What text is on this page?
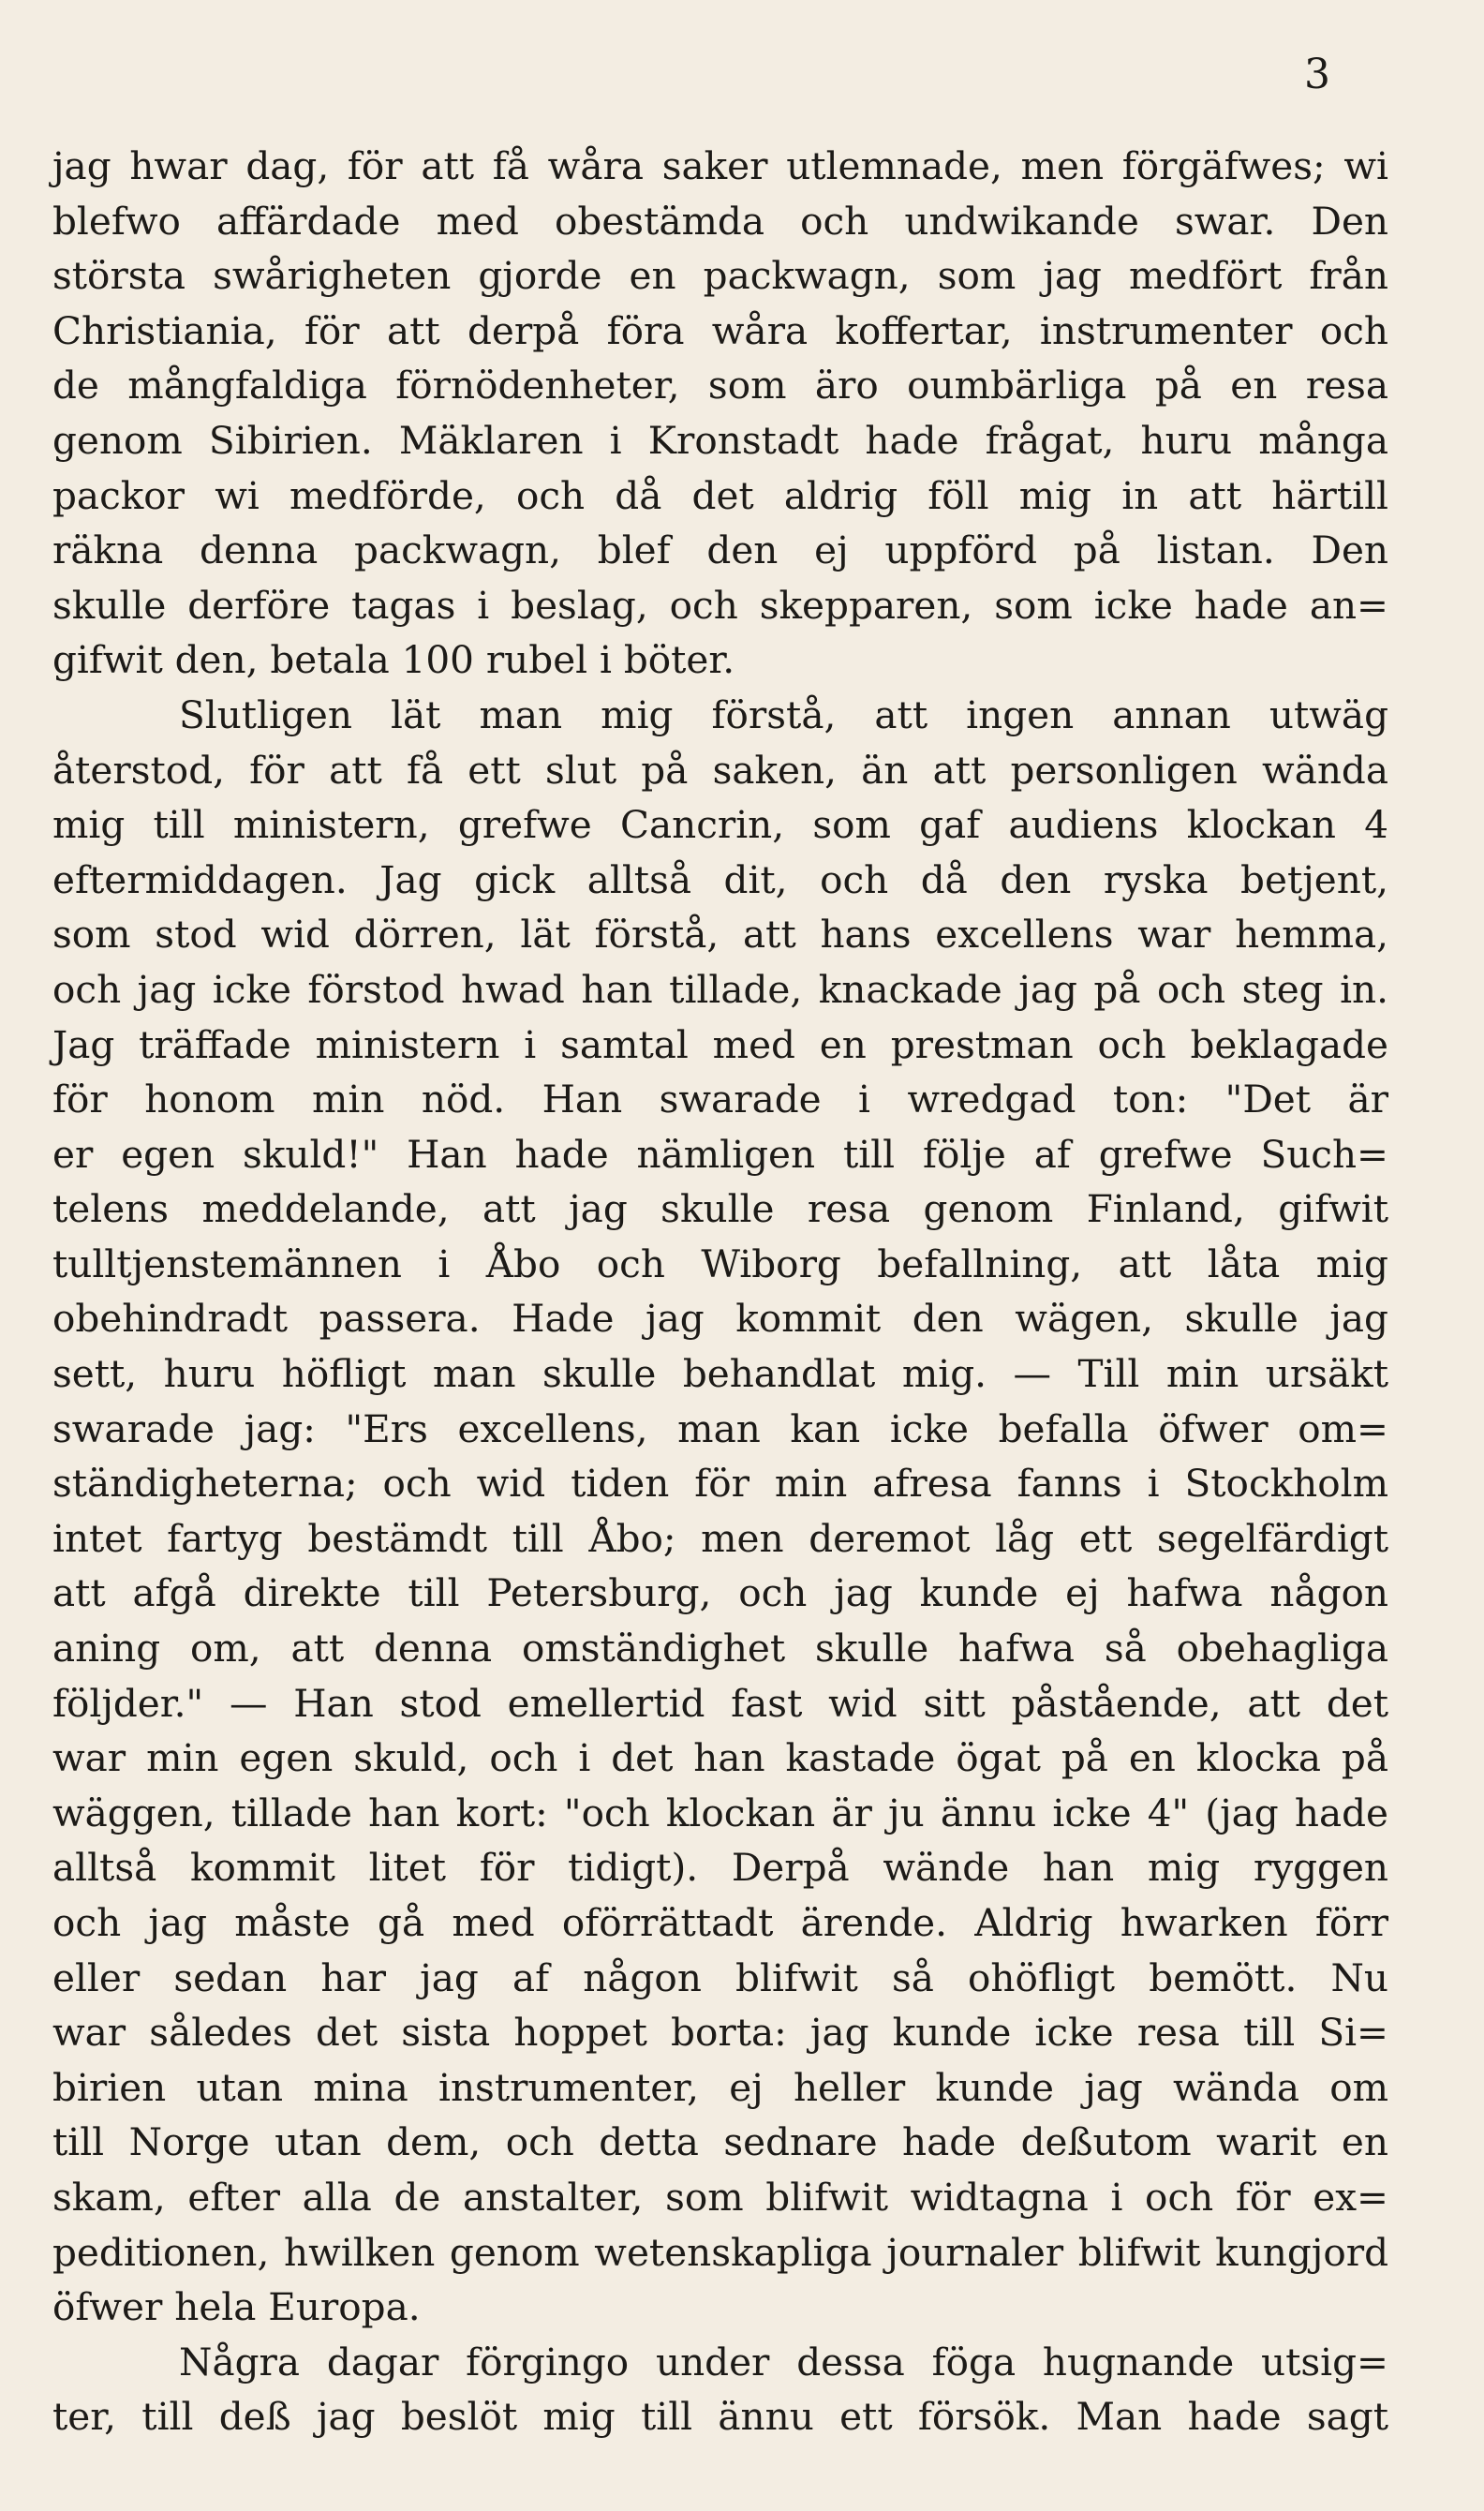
3
jag hwar dag, för att få wåra saker utlemnade, men förgäfwes; wi
blefwo affärdade med obestämda och undwikande swar. Den
största swårigheten gjorde en packwagn, som jag medfört från
Christiania, för att derpå föra wåra koffertar, instrumenter och
de mångfaldiga förnödenheter, som äro oumbärliga på en resa
genom Sibirien. Mäklaren i Kronstadt hade frågat, huru många
packor wi medförde, och då det aldrig föll mig in att härtill
räkna denna packwagn, blef den ej uppförd på listan. Den
skulle derföre tagas i beslag, och skepparen, som icke hade an=
gifwit den, betala 100 rubel i böter.
Slutligen lät man mig förstå, att ingen annan utwäg
återstod, för att få ett slut på saken, än att personligen wända
mig till ministern, grefwe Cancrin, som gaf audiens klockan 4
eftermiddagen. Jag gick alltså dit, och då den ryska betjent,
som stod wid dörren, lät förstå, att hans excellens war hemma,
och jag icke förstod hwad han tillade, knackade jag på och steg in.
Jag träffade ministern i samtal med en prestman och beklagade
för honom min nöd. Han swarade i wredgad ton: "Det är
er egen skuld!" Han hade nämligen till följe af grefwe Such=
telens meddelande, att jag skulle resa genom Finland, gifwit
tulltjenstemännen i Åbo och Wiborg befallning, att låta mig
obehindradt passera. Hade jag kommit den wägen, skulle jag
sett, huru höfligt man skulle behandlat mig. — Till min ursäkt
swarade jag: "Ers excellens, man kan icke befalla öfwer om=
ständigheterna; och wid tiden för min afresa fanns i Stockholm
intet fartyg bestämdt till Åbo; men deremot låg ett segelfärdigt
att afgå direkte till Petersburg, och jag kunde ej hafwa någon
aning om, att denna omständighet skulle hafwa så obehagliga
följder." — Han stod emellertid fast wid sitt påstående, att det
war min egen skuld, och i det han kastade ögat på en klocka på
wäggen, tillade han kort: "och klockan är ju ännu icke 4" (jag hade
alltså kommit litet för tidigt). Derpå wände han mig ryggen
och jag måste gå med oförrättadt ärende. Aldrig hwarken förr
eller sedan har jag af någon blifwit så ohöfligt bemött. Nu
war således det sista hoppet borta: jag kunde icke resa till Si=
birien utan mina instrumenter, ej heller kunde jag wända om
till Norge utan dem, och detta sednare hade deßutom warit en
skam, efter alla de anstalter, som blifwit widtagna i och för ex=
peditionen, hwilken genom wetenskapliga journaler blifwit kungjord
öfwer hela Europa.
Några dagar förgingo under dessa föga hugnande utsig=
ter, till deß jag beslöt mig till ännu ett försök. Man hade sagt
